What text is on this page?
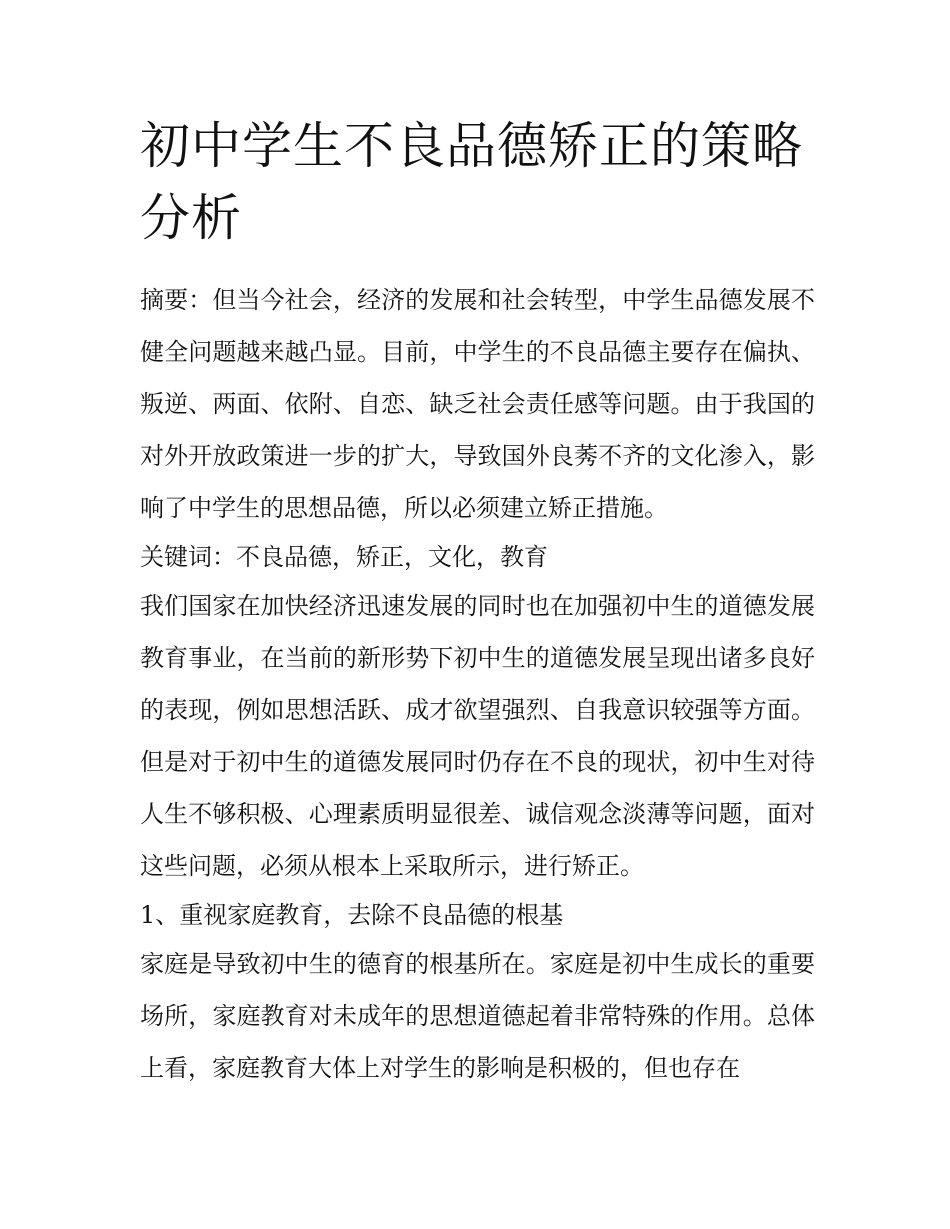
初中学生不良品德矫正的策略分析

摘要：但当今社会，经济的发展和社会转型，中学生品德发展不健全问题越来越凸显。目前，中学生的不良品德主要存在偏执、叛逆、两面、依附、自恋、缺乏社会责任感等问题。由于我国的对外开放政策进一步的扩大，导致国外良莠不齐的文化渗入，影响了中学生的思想品德，所以必须建立矫正措施。

关键词：不良品德，矫正，文化，教育

我们国家在加快经济迅速发展的同时也在加强初中生的道德发展教育事业，在当前的新形势下初中生的道德发展呈现出诸多良好的表现，例如思想活跃、成才欲望强烈、自我意识较强等方面。但是对于初中生的道德发展同时仍存在不良的现状，初中生对待人生不够积极、心理素质明显很差、诚信观念淡薄等问题，面对这些问题，必须从根本上采取所示，进行矫正。

1、重视家庭教育，去除不良品德的根基

家庭是导致初中生的德育的根基所在。家庭是初中生成长的重要场所，家庭教育对未成年的思想道德起着非常特殊的作用。总体上看，家庭教育大体上对学生的影响是积极的，但也存在
